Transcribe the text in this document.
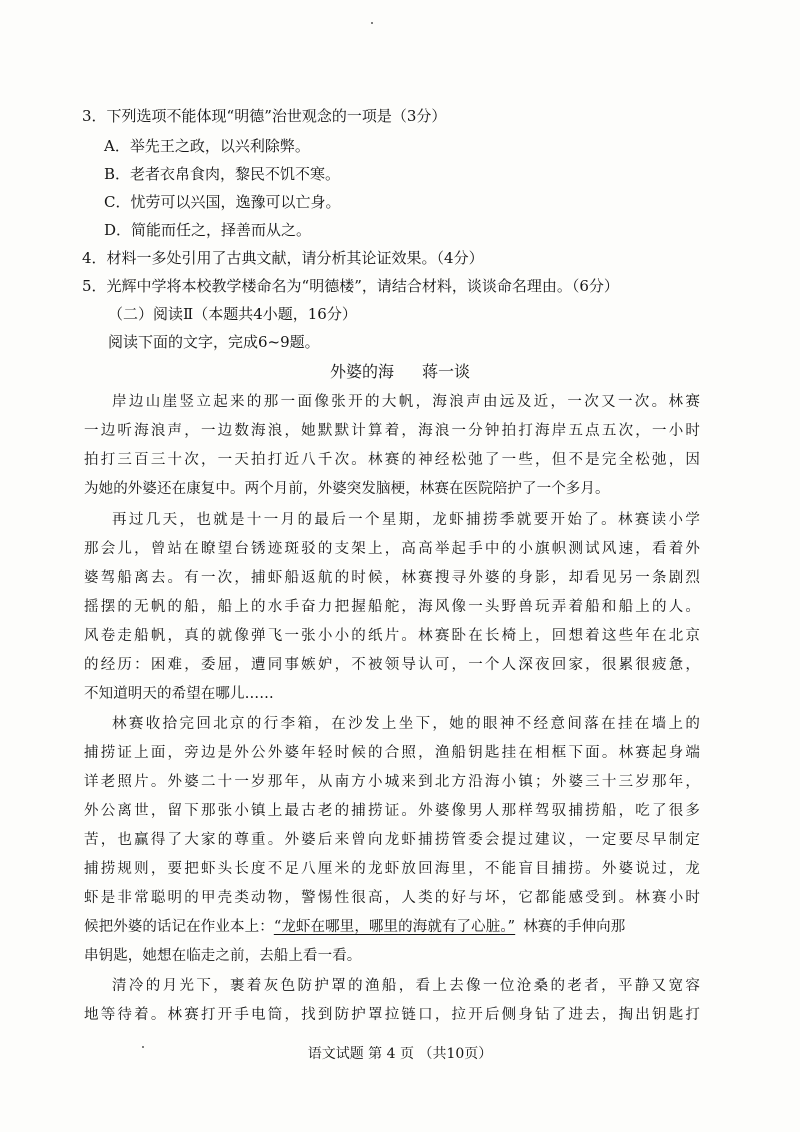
3．下列选项不能体现“明德”治世观念的一项是（3分）
A．举先王之政，以兴利除弊。
B．老者衣帛食肉，黎民不饥不寒。
C．忧劳可以兴国，逸豫可以亡身。
D．简能而任之，择善而从之。
4．材料一多处引用了古典文献，请分析其论证效果。（4分）
5．光辉中学将本校教学楼命名为“明德楼”，请结合材料，谈谈命名理由。（6分）
（二）阅读Ⅱ（本题共4小题，16分）
阅读下面的文字，完成6~9题。
外婆的海 蒋一谈
岸边山崖竖立起来的那一面像张开的大帆，海浪声由远及近，一次又一次。林赛
一边听海浪声，一边数海浪，她默默计算着，海浪一分钟拍打海岸五点五次，一小时
拍打三百三十次，一天拍打近八千次。林赛的神经松弛了一些，但不是完全松弛，因
为她的外婆还在康复中。两个月前，外婆突发脑梗，林赛在医院陪护了一个多月。
再过几天，也就是十一月的最后一个星期，龙虾捕捞季就要开始了。林赛读小学
那会儿，曾站在瞭望台锈迹斑驳的支架上，高高举起手中的小旗帜测试风速，看着外
婆驾船离去。有一次，捕虾船返航的时候，林赛搜寻外婆的身影，却看见另一条剧烈
摇摆的无帆的船，船上的水手奋力把握船舵，海风像一头野兽玩弄着船和船上的人。
风卷走船帆，真的就像弹飞一张小小的纸片。林赛卧在长椅上，回想着这些年在北京
的经历：困难，委屈，遭同事嫉妒，不被领导认可，一个人深夜回家，很累很疲惫，
不知道明天的希望在哪儿……
林赛收拾完回北京的行李箱，在沙发上坐下，她的眼神不经意间落在挂在墙上的
捕捞证上面，旁边是外公外婆年轻时候的合照，渔船钥匙挂在相框下面。林赛起身端
详老照片。外婆二十一岁那年，从南方小城来到北方沿海小镇；外婆三十三岁那年，
外公离世，留下那张小镇上最古老的捕捞证。外婆像男人那样驾驭捕捞船，吃了很多
苦，也赢得了大家的尊重。外婆后来曾向龙虾捕捞管委会提过建议，一定要尽早制定
捕捞规则，要把虾头长度不足八厘米的龙虾放回海里，不能盲目捕捞。外婆说过，龙
虾是非常聪明的甲壳类动物，警惕性很高，人类的好与坏，它都能感受到。林赛小时
候把外婆的话记在作业本上：“龙虾在哪里，哪里的海就有了心脏。” 林赛的手伸向那
串钥匙，她想在临走之前，去船上看一看。
清冷的月光下，裹着灰色防护罩的渔船，看上去像一位沧桑的老者，平静又宽容
地等待着。林赛打开手电筒，找到防护罩拉链口，拉开后侧身钻了进去，掏出钥匙打
语文试题 第 4 页 （共10页）
